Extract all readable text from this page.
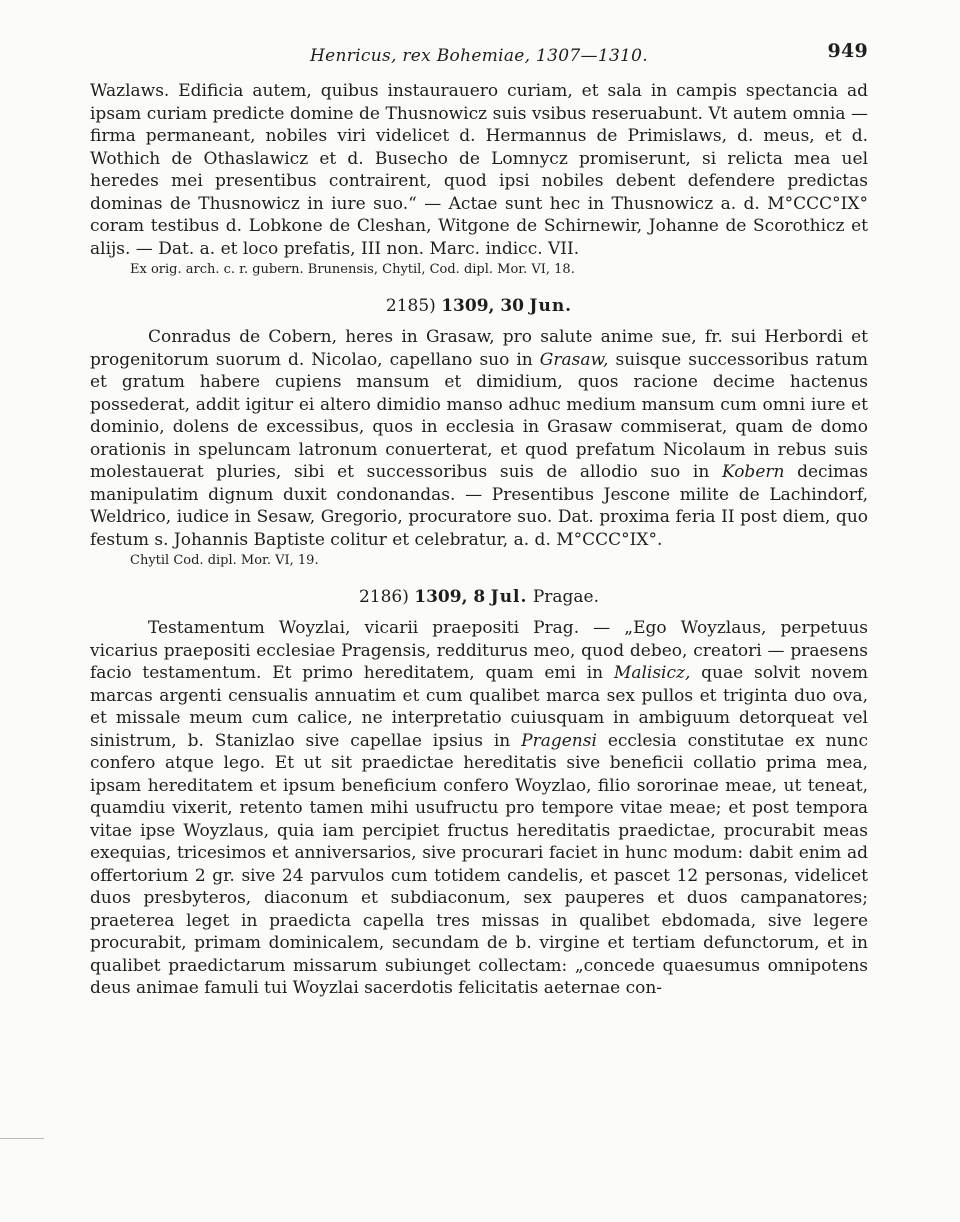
Henricus, rex Bohemiae, 1307—1310.	949

Wazlaws. Edificia autem, quibus instaurauero curiam, et sala in campis spectancia ad ipsam curiam predicte domine de Thusnowicz suis vsibus reseruabunt. Vt autem omnia — firma permaneant, nobiles viri videlicet d. Hermannus de Primislaws, d. meus, et d. Wothich de Othaslawicz et d. Busecho de Lomnycz promiserunt, si relicta mea uel heredes mei presentibus contrairent, quod ipsi nobiles debent defendere predictas dominas de Thusnowicz in iure suo.“ — Actae sunt hec in Thusnowicz a. d. M°CCC°IX° coram testibus d. Lobkone de Cleshan, Witgone de Schirnewir, Johanne de Scorothicz et alijs. — Dat. a. et loco prefatis, III non. Marc. indicc. VII.

Ex orig. arch. c. r. gubern. Brunensis, Chytil, Cod. dipl. Mor. VI, 18.

2185) 1309, 30 Jun.

Conradus de Cobern, heres in Grasaw, pro salute anime sue, fr. sui Herbordi et progenitorum suorum d. Nicolao, capellano suo in Grasaw, suisque successoribus ratum et gratum habere cupiens mansum et dimidium, quos racione decime hactenus possederat, addit igitur ei altero dimidio manso adhuc medium mansum cum omni iure et dominio, dolens de excessibus, quos in ecclesia in Grasaw commiserat, quam de domo orationis in speluncam latronum conuerterat, et quod prefatum Nicolaum in rebus suis molestauerat pluries, sibi et successoribus suis de allodio suo in Kobern decimas manipulatim dignum duxit condonandas. — Presentibus Jescone milite de Lachindorf, Weldrico, iudice in Sesaw, Gregorio, procuratore suo. Dat. proxima feria II post diem, quo festum s. Johannis Baptiste colitur et celebratur, a. d. M°CCC°IX°.

Chytil Cod. dipl. Mor. VI, 19.

2186) 1309, 8 Jul. Pragae.

Testamentum Woyzlai, vicarii praepositi Prag. — „Ego Woyzlaus, perpetuus vicarius praepositi ecclesiae Pragensis, redditurus meo, quod debeo, creatori — praesens facio testamentum. Et primo hereditatem, quam emi in Malisicz, quae solvit novem marcas argenti censualis annuatim et cum qualibet marca sex pullos et triginta duo ova, et missale meum cum calice, ne interpretatio cuiusquam in ambiguum detorqueat vel sinistrum, b. Stanizlao sive capellae ipsius in Pragensi ecclesia constitutae ex nunc confero atque lego. Et ut sit praedictae hereditatis sive beneficii collatio prima mea, ipsam hereditatem et ipsum beneficium confero Woyzlao, filio sororinae meae, ut teneat, quamdiu vixerit, retento tamen mihi usufructu pro tempore vitae meae; et post tempora vitae ipse Woyzlaus, quia iam percipiet fructus hereditatis praedictae, procurabit meas exequias, tricesimos et anniversarios, sive procurari faciet in hunc modum: dabit enim ad offertorium 2 gr. sive 24 parvulos cum totidem candelis, et pascet 12 personas, videlicet duos presbyteros, diaconum et subdiaconum, sex pauperes et duos campanatores; praeterea leget in praedicta capella tres missas in qualibet ebdomada, sive legere procurabit, primam dominicalem, secundam de b. virgine et tertiam defunctorum, et in qualibet praedictarum missarum subiunget collectam: „concede quaesumus omnipotens deus animae famuli tui Woyzlai sacerdotis felicitatis aeternae con-
